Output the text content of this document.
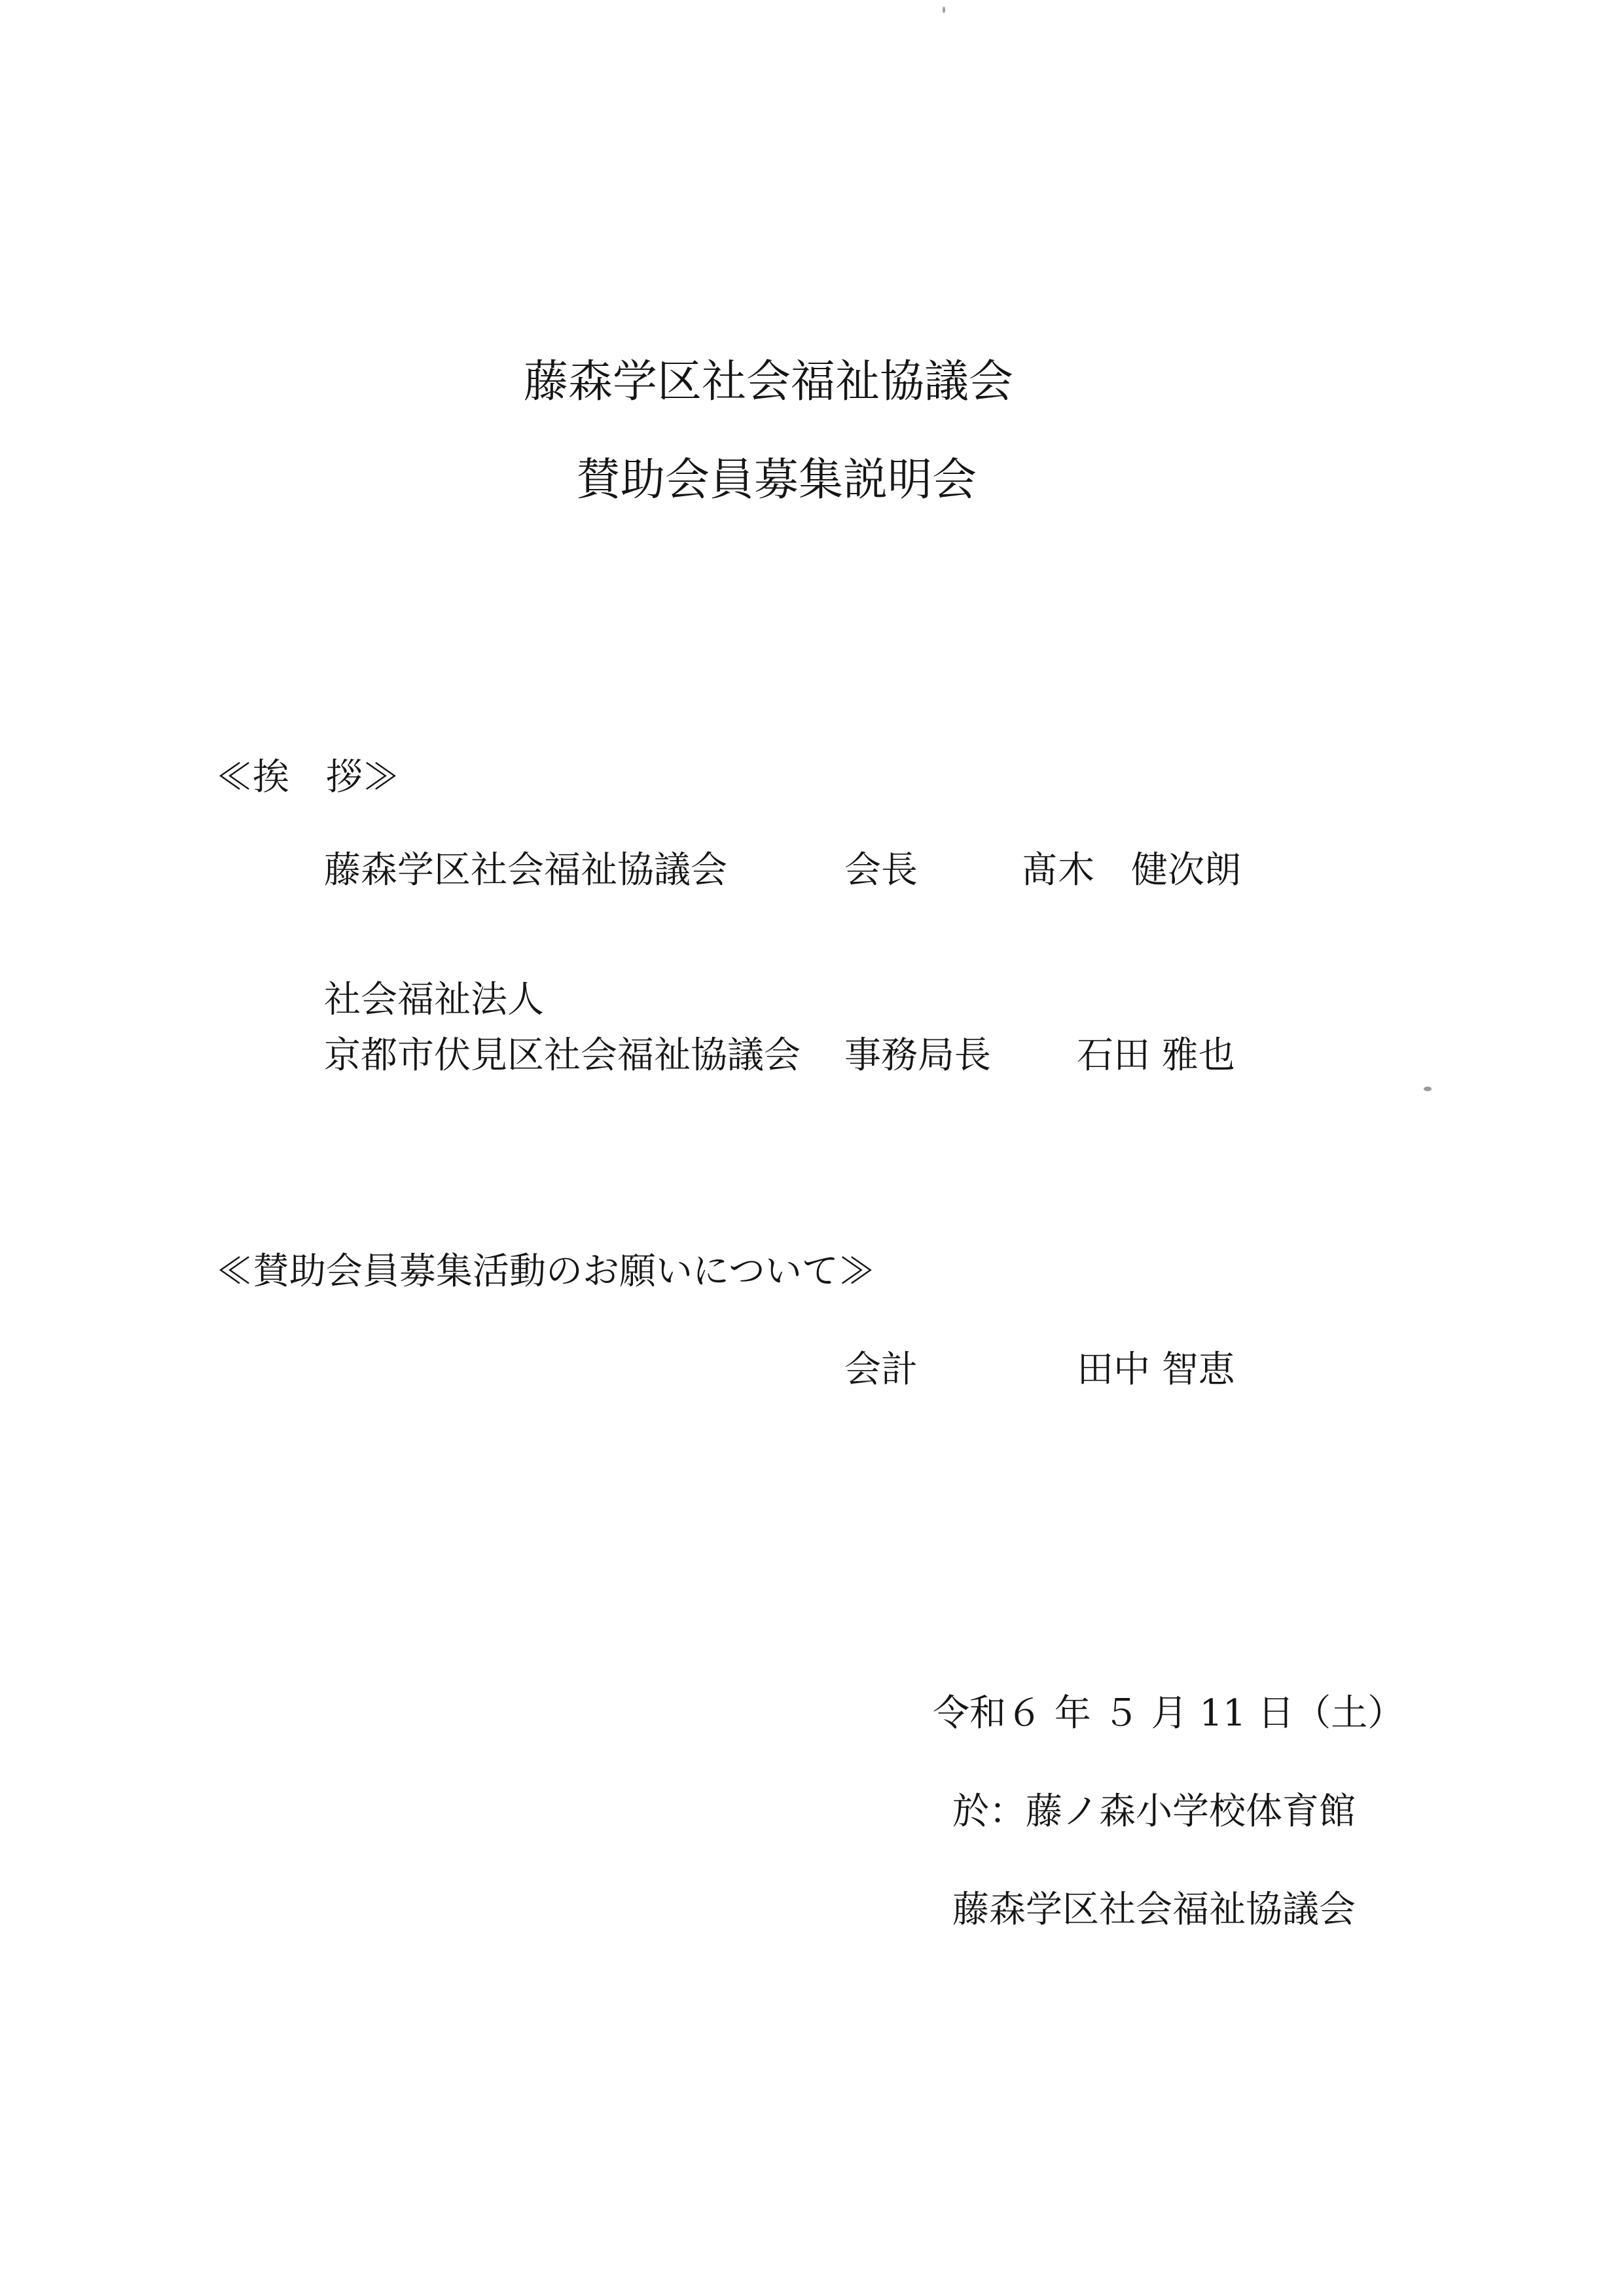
藤森学区社会福祉協議会
賛助会員募集説明会
≪挨　拶≫
藤森学区社会福祉協議会	会長	髙木　健次朗
社会福祉法人
京都市伏見区社会福祉協議会 事務局長 石田 雅也
≪賛助会員募集活動のお願いについて≫
会計	田中 智恵
令和６ 年 ５ 月 11 日（土）
於：藤ノ森小学校体育館
藤森学区社会福祉協議会
